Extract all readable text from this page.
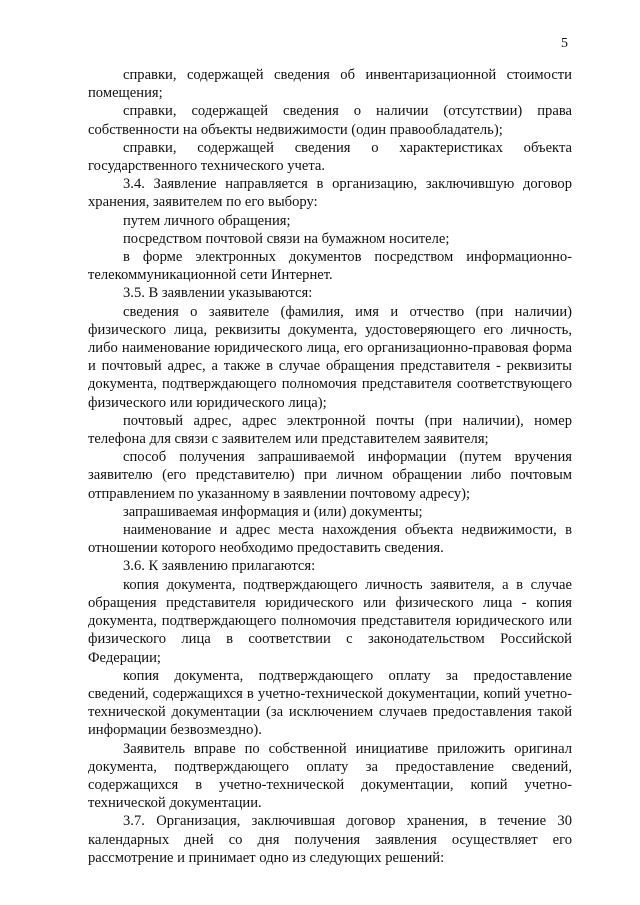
5

справки, содержащей сведения об инвентаризационной стоимости помещения;

справки, содержащей сведения о наличии (отсутствии) права собственности на объекты недвижимости (один правообладатель);

справки, содержащей сведения о характеристиках объекта государственного технического учета.

3.4. Заявление направляется в организацию, заключившую договор хранения, заявителем по его выбору:

путем личного обращения;

посредством почтовой связи на бумажном носителе;

в форме электронных документов посредством информационно-телекоммуникационной сети Интернет.

3.5. В заявлении указываются:

сведения о заявителе (фамилия, имя и отчество (при наличии) физического лица, реквизиты документа, удостоверяющего его личность, либо наименование юридического лица, его организационно-правовая форма и почтовый адрес, а также в случае обращения представителя - реквизиты документа, подтверждающего полномочия представителя соответствующего физического или юридического лица);

почтовый адрес, адрес электронной почты (при наличии), номер телефона для связи с заявителем или представителем заявителя;

способ получения запрашиваемой информации (путем вручения заявителю (его представителю) при личном обращении либо почтовым отправлением по указанному в заявлении почтовому адресу);

запрашиваемая информация и (или) документы;

наименование и адрес места нахождения объекта недвижимости, в отношении которого необходимо предоставить сведения.

3.6. К заявлению прилагаются:

копия документа, подтверждающего личность заявителя, а в случае обращения представителя юридического или физического лица - копия документа, подтверждающего полномочия представителя юридического или физического лица в соответствии с законодательством Российской Федерации;

копия документа, подтверждающего оплату за предоставление сведений, содержащихся в учетно-технической документации, копий учетно-технической документации (за исключением случаев предоставления такой информации безвозмездно).

Заявитель вправе по собственной инициативе приложить оригинал документа, подтверждающего оплату за предоставление сведений, содержащихся в учетно-технической документации, копий учетно-технической документации.

3.7. Организация, заключившая договор хранения, в течение 30 календарных дней со дня получения заявления осуществляет его рассмотрение и принимает одно из следующих решений:
